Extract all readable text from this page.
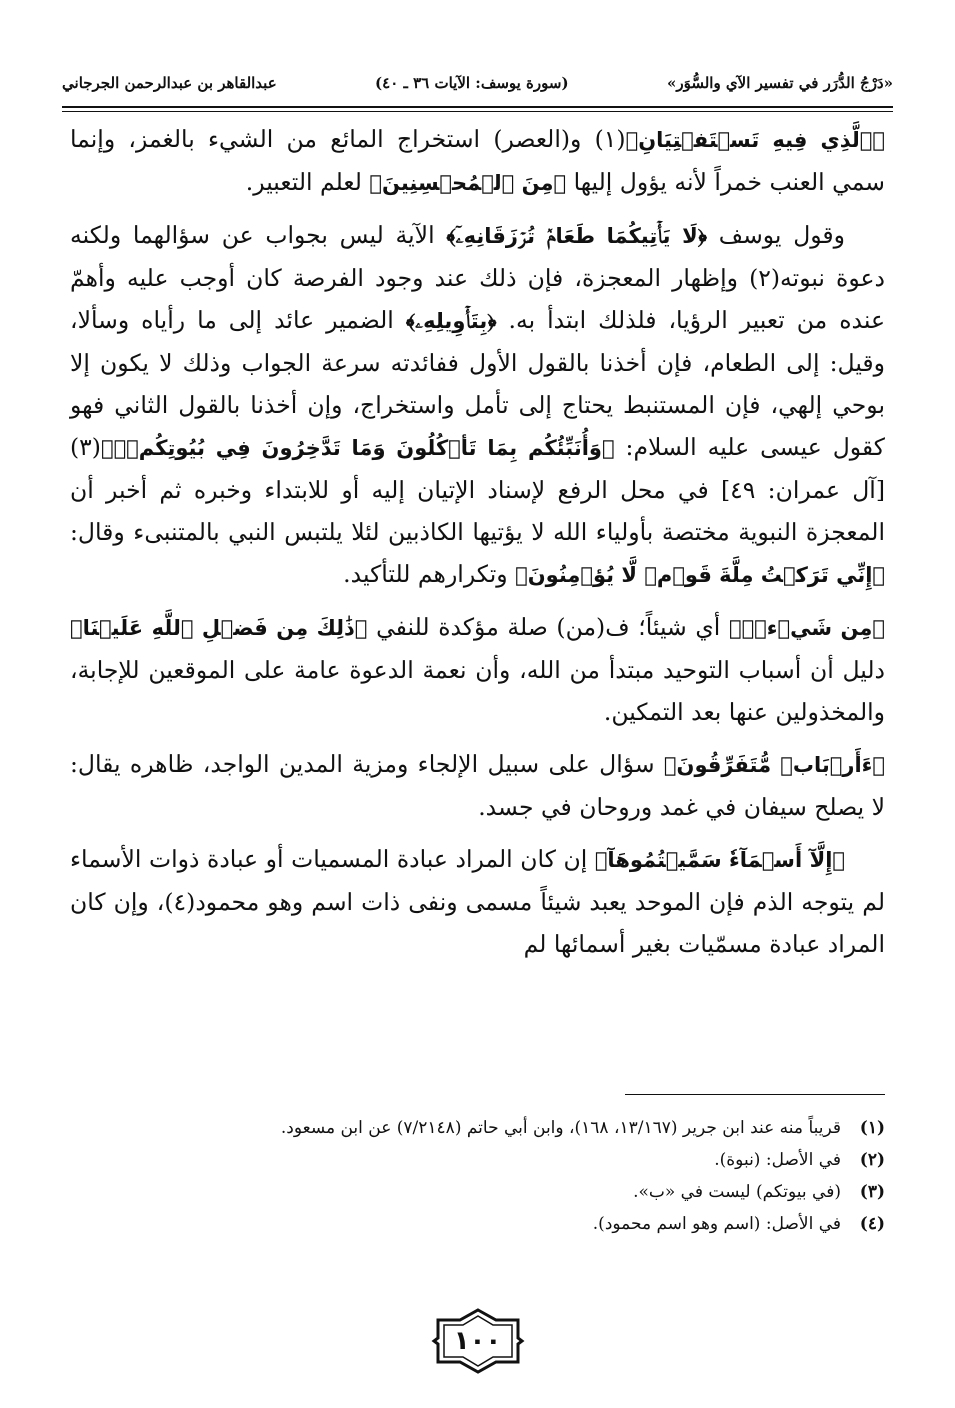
«دَرْجُ الدُّرَر في تفسير الآي والسُّوَر»
(سورة يوسف: الآيات ٣٦ ـ ٤٠)
عبدالقاهر بن عبدالرحمن الجرجاني

﴿ٱلَّذِي فِيهِ تَسۡتَفۡتِيَانِ﴾(١) و(العصر) استخراج المائع من الشيء بالغمز، وإنما سمي العنب خمراً لأنه يؤول إليها ﴿مِنَ ٱلۡمُحۡسِنِينَ﴾ لعلم التعبير.

وقول يوسف ﴿لَا يَأۡتِيكُمَا طَعَامٞ تُرۡزَقَانِهِۦٓ﴾ الآية ليس بجواب عن سؤالهما ولكنه دعوة نبوته(٢) وإظهار المعجزة، فإن ذلك عند وجود الفرصة كان أوجب عليه وأهمّ عنده من تعبير الرؤيا، فلذلك ابتدأ به. ﴿بِتَأۡوِيلِهِۦ﴾ الضمير عائد إلى ما رأياه وسألا، وقيل: إلى الطعام، فإن أخذنا بالقول الأول ففائدته سرعة الجواب وذلك لا يكون إلا بوحي إلهي، فإن المستنبط يحتاج إلى تأمل واستخراج، وإن أخذنا بالقول الثاني فهو كقول عيسى عليه السلام: ﴿وَأُنَبِّئُكُم بِمَا تَأۡكُلُونَ وَمَا تَدَّخِرُونَ فِي بُيُوتِكُمۡۚ﴾(٣) [آل عمران: ٤٩] في محل الرفع لإسناد الإتيان إليه أو للابتداء وخبره ثم أخبر أن المعجزة النبوية مختصة بأولياء الله لا يؤتيها الكاذبين لئلا يلتبس النبي بالمتنبىء وقال: ﴿إِنِّي تَرَكۡتُ مِلَّةَ قَوۡمٖ لَّا يُؤۡمِنُونَ﴾ وتكرارهم للتأكيد.

﴿مِن شَيۡءٖۚ﴾ أي شيئاً؛ ف(من) صلة مؤكدة للنفي ﴿ذَٰلِكَ مِن فَضۡلِ ٱللَّهِ عَلَيۡنَا﴾ دليل أن أسباب التوحيد مبتدأ من الله، وأن نعمة الدعوة عامة على الموقعين للإجابة، والمخذولين عنها بعد التمكين.

﴿ءَأَرۡبَابٞ مُّتَفَرِّقُونَ﴾ سؤال على سبيل الإلجاء ومزية المدين الواجد، ظاهره يقال: لا يصلح سيفان في غمد وروحان في جسد.

﴿إِلَّآ أَسۡمَآءٗ سَمَّيۡتُمُوهَآ﴾ إن كان المراد عبادة المسميات أو عبادة ذوات الأسماء لم يتوجه الذم فإن الموحد يعبد شيئاً مسمى ونفى ذات اسم وهو محمود(٤)، وإن كان المراد عبادة مسمّيات بغير أسمائها لم

(١)
قريباً منه عند ابن جرير (١٣/١٦٧، ١٦٨)، وابن أبي حاتم (٧/٢١٤٨) عن ابن مسعود.
(٢)
في الأصل: (نبوة).
(٣)
(في بيوتكم) ليست في «ب».
(٤)
في الأصل: (اسم وهو اسم محمود).
١٠٠
